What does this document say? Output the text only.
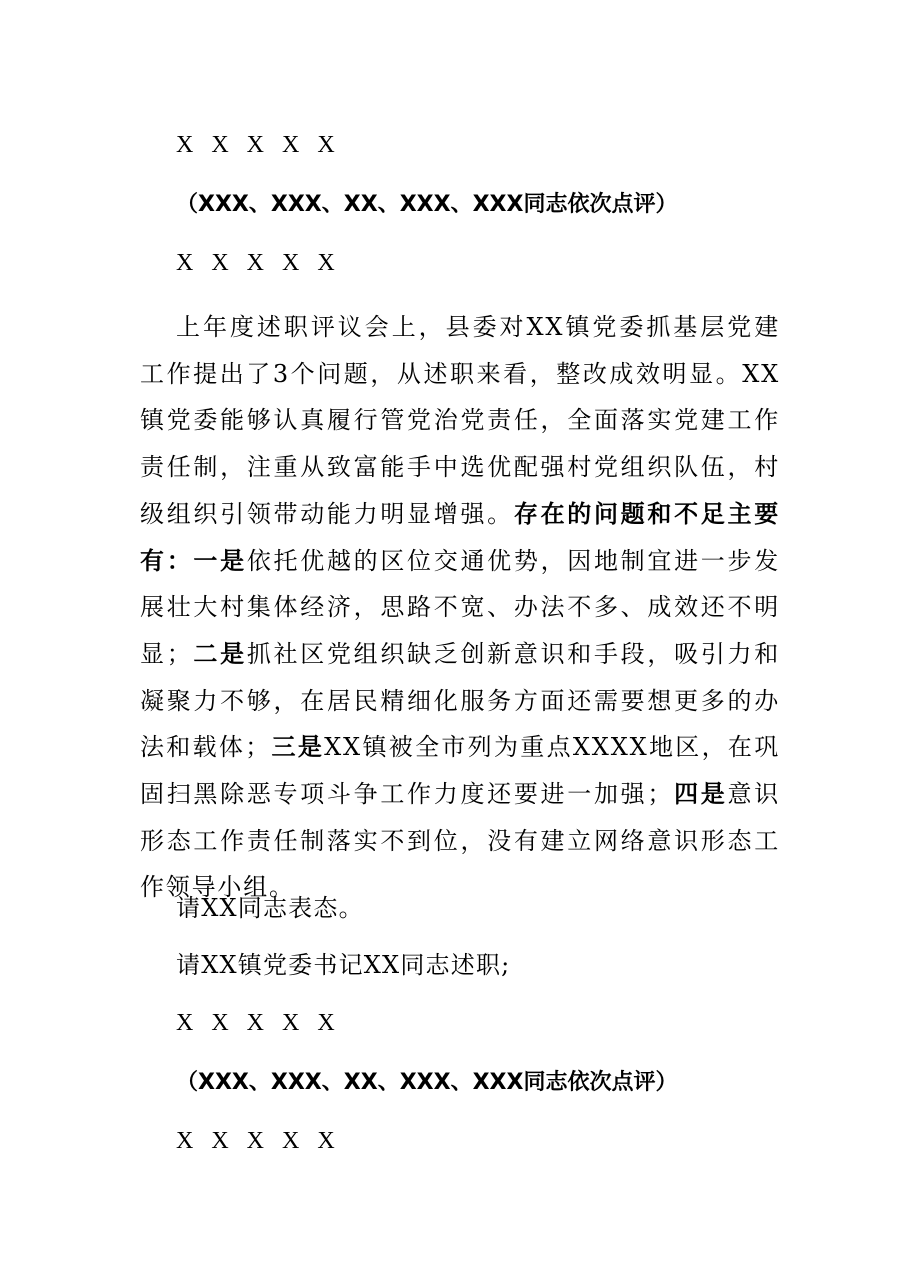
X X X X X
（XXX、XXX、XX、XXX、XXX同志依次点评）
X X X X X
上年度述职评议会上，县委对XX镇党委抓基层党建工作提出了3个问题，从述职来看，整改成效明显。XX镇党委能够认真履行管党治党责任，全面落实党建工作责任制，注重从致富能手中选优配强村党组织队伍，村级组织引领带动能力明显增强。存在的问题和不足主要有：一是依托优越的区位交通优势，因地制宜进一步发展壮大村集体经济，思路不宽、办法不多、成效还不明显；二是抓社区党组织缺乏创新意识和手段，吸引力和凝聚力不够，在居民精细化服务方面还需要想更多的办法和载体；三是XX镇被全市列为重点XXXX地区，在巩固扫黑除恶专项斗争工作力度还要进一加强；四是意识形态工作责任制落实不到位，没有建立网络意识形态工作领导小组。
请XX同志表态。
请XX镇党委书记XX同志述职;
X X X X X
（XXX、XXX、XX、XXX、XXX同志依次点评）
X X X X X
